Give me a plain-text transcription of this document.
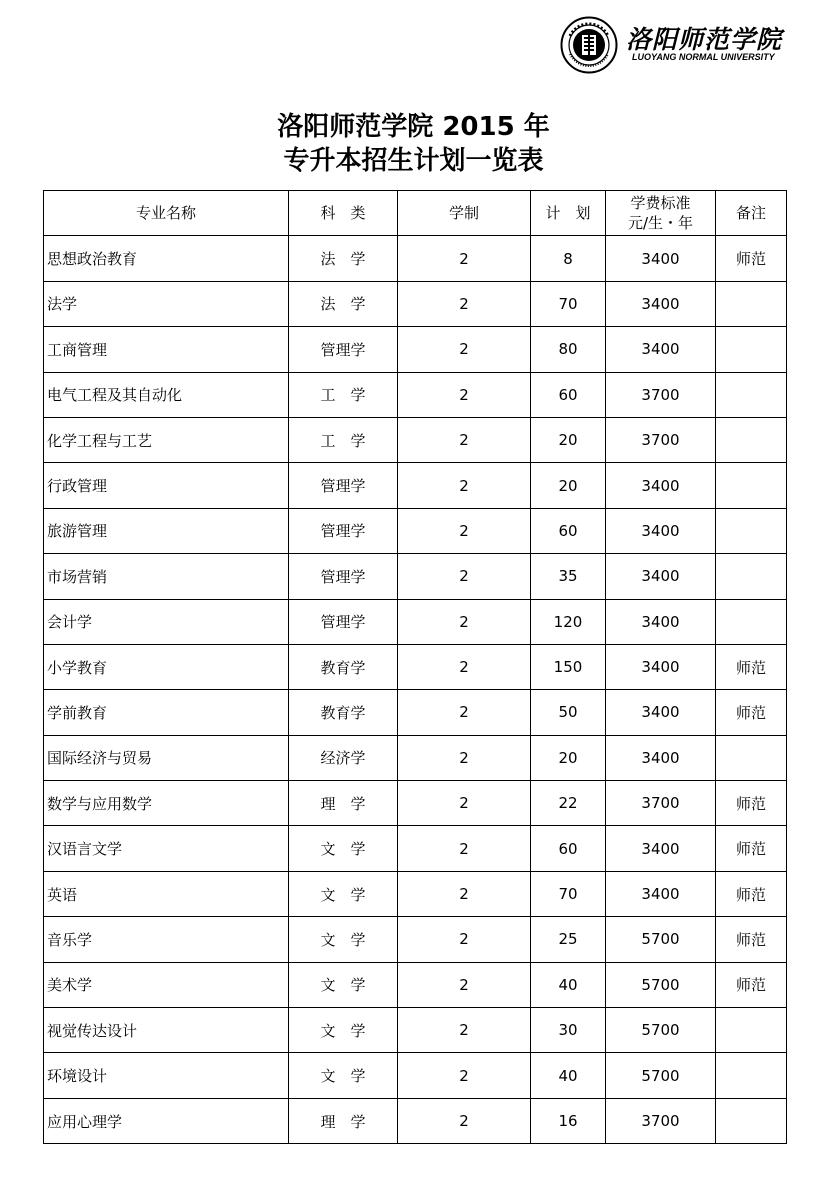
洛阳师范学院
LUOYANG NORMAL UNIVERSITY
洛阳师范学院 2015 年
专升本招生计划一览表
专业名称	科　类	学制	计　划	学费标准
元/生・年	备注
思想政治教育	法　学	2	8	3400	师范
法学	法　学	2	70	3400	
工商管理	管理学	2	80	3400	
电气工程及其自动化	工　学	2	60	3700	
化学工程与工艺	工　学	2	20	3700	
行政管理	管理学	2	20	3400	
旅游管理	管理学	2	60	3400	
市场营销	管理学	2	35	3400	
会计学	管理学	2	120	3400	
小学教育	教育学	2	150	3400	师范
学前教育	教育学	2	50	3400	师范
国际经济与贸易	经济学	2	20	3400	
数学与应用数学	理　学	2	22	3700	师范
汉语言文学	文　学	2	60	3400	师范
英语	文　学	2	70	3400	师范
音乐学	文　学	2	25	5700	师范
美术学	文　学	2	40	5700	师范
视觉传达设计	文　学	2	30	5700	
环境设计	文　学	2	40	5700	
应用心理学	理　学	2	16	3700	
